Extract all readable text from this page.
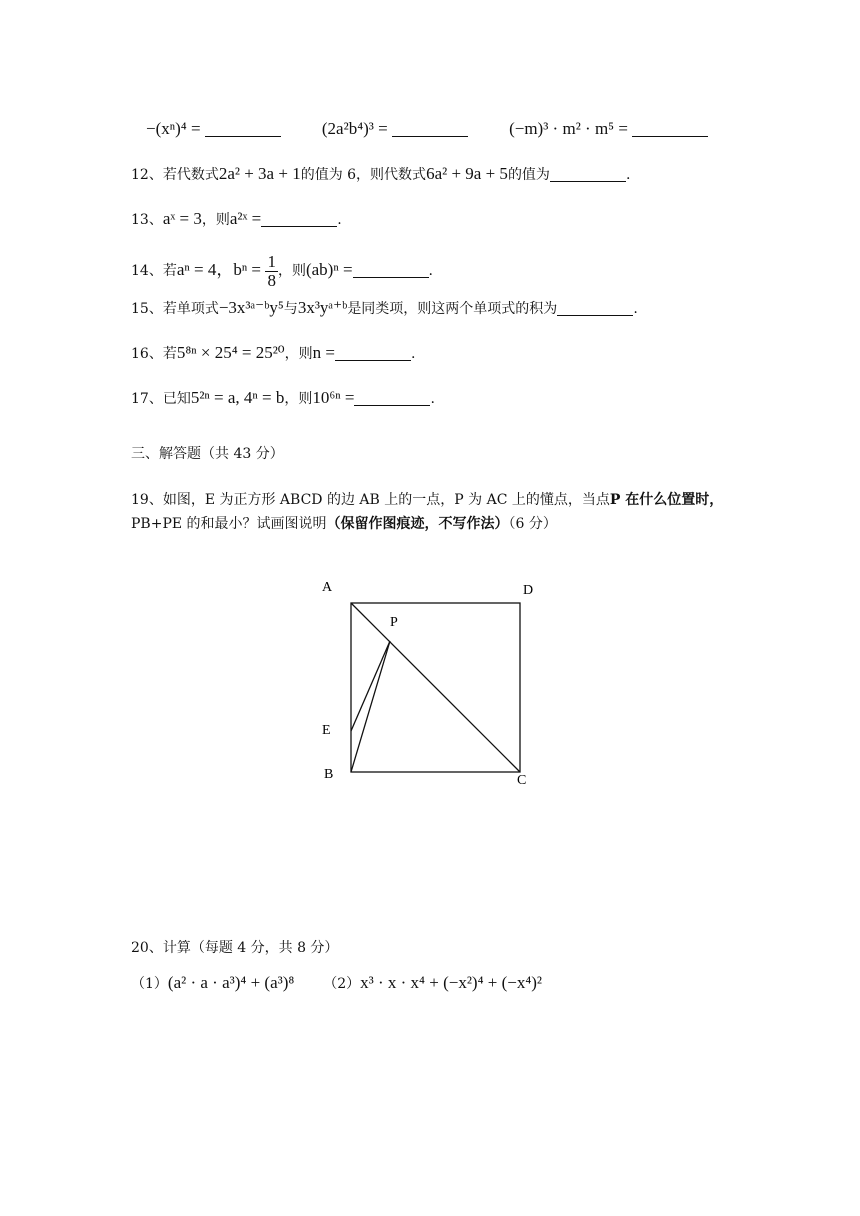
−(xⁿ)⁴ =	(2a²b⁴)³ =	(−m)³ · m² · m⁵ =
12、若代数式2a² + 3a + 1的值为 6，则代数式6a² + 9a + 5的值为	.
13、aˣ = 3，则a²ˣ =	.
14、若aⁿ = 4，$b^n = \frac{1}{8}$ ，则(ab)ⁿ =	.
15、若单项式−3x³ᵃ⁻ᵇy⁵与3x³yᵃ⁺ᵇ是同类项，则这两个单项式的积为	.
16、若5⁸ⁿ × 25⁴ = 25²⁰，则n =	.
17、已知5²ⁿ = a, 4ⁿ = b，则10⁶ⁿ =	.
三、解答题（共 43 分）
19、如图，E 为正方形 ABCD 的边 AB 上的一点，P 为 AC 上的懂点，当点P 在什么位置时，
PB+PE 的和最小？试画图说明（保留作图痕迹，不写作法）（6 分）
A	D
P
E
B	C
20、计算（每题 4 分，共 8 分）
（1）(a² · a · a³)⁴ + (a³)⁸ （2）x³ · x · x⁴ + (−x²)⁴ + (−x⁴)²
